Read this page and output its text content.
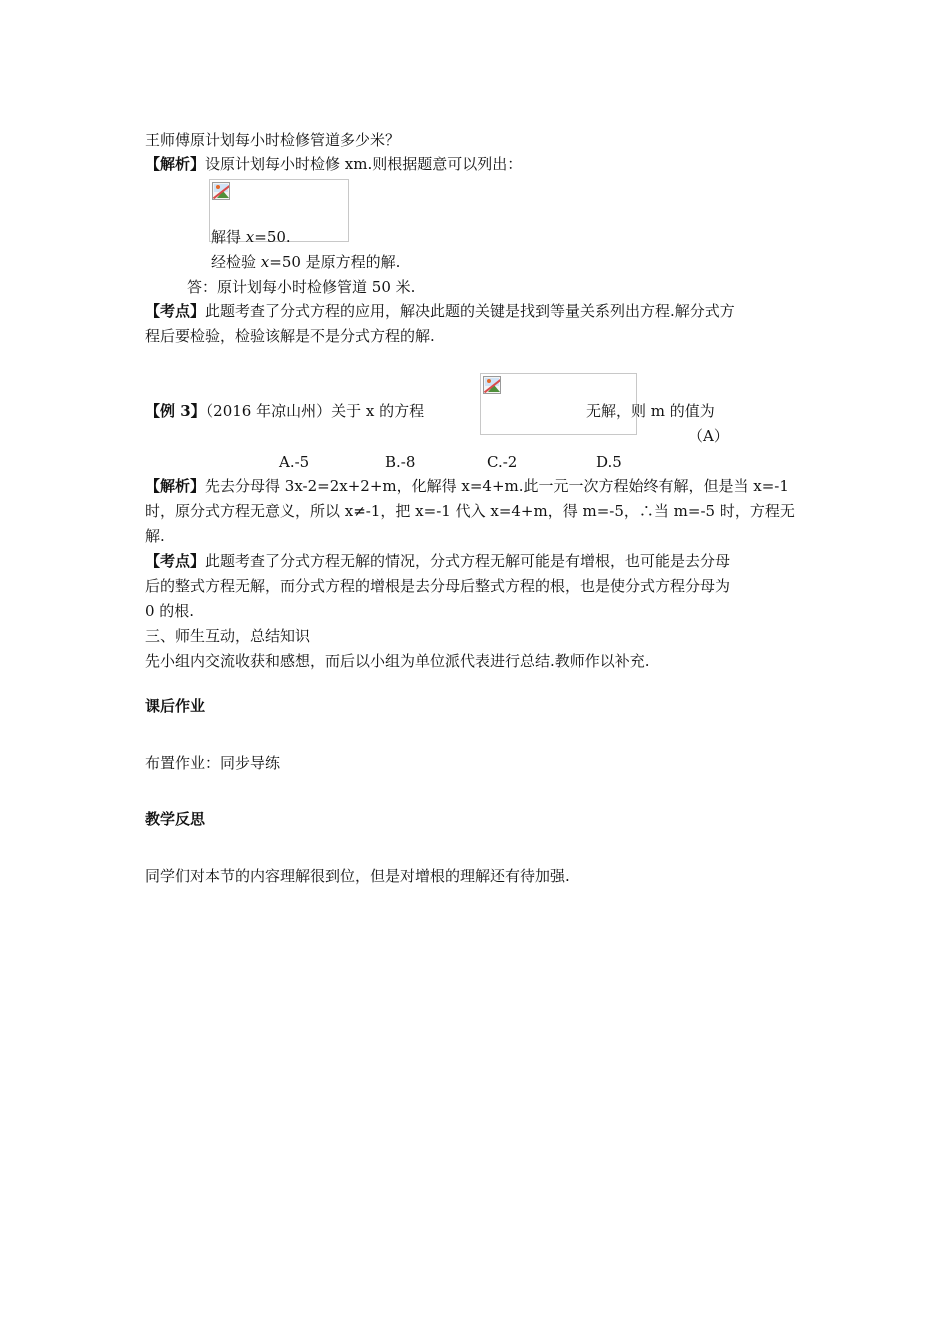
王师傅原计划每小时检修管道多少米？
【解析】设原计划每小时检修 xm.则根据题意可以列出：
解得 x=50.
经检验 x=50 是原方程的解.
答：原计划每小时检修管道 50 米.
【考点】此题考查了分式方程的应用，解决此题的关键是找到等量关系列出方程.解分式方
程后要检验，检验该解是不是分式方程的解.
【例 3】（2016 年凉山州）关于 x 的方程	无解，则 m 的值为
（A）
A.-5	B.-8	C.-2	D.5
【解析】先去分母得 3x-2=2x+2+m，化解得 x=4+m.此一元一次方程始终有解，但是当 x=-1
时，原分式方程无意义，所以 x≠-1，把 x=-1 代入 x=4+m，得 m=-5，∴当 m=-5 时，方程无
解.
【考点】此题考查了分式方程无解的情况，分式方程无解可能是有增根，也可能是去分母
后的整式方程无解，而分式方程的增根是去分母后整式方程的根，也是使分式方程分母为
0 的根.
三、师生互动，总结知识
先小组内交流收获和感想，而后以小组为单位派代表进行总结.教师作以补充.
课后作业
布置作业：同步导练
教学反思
同学们对本节的内容理解很到位，但是对增根的理解还有待加强.
